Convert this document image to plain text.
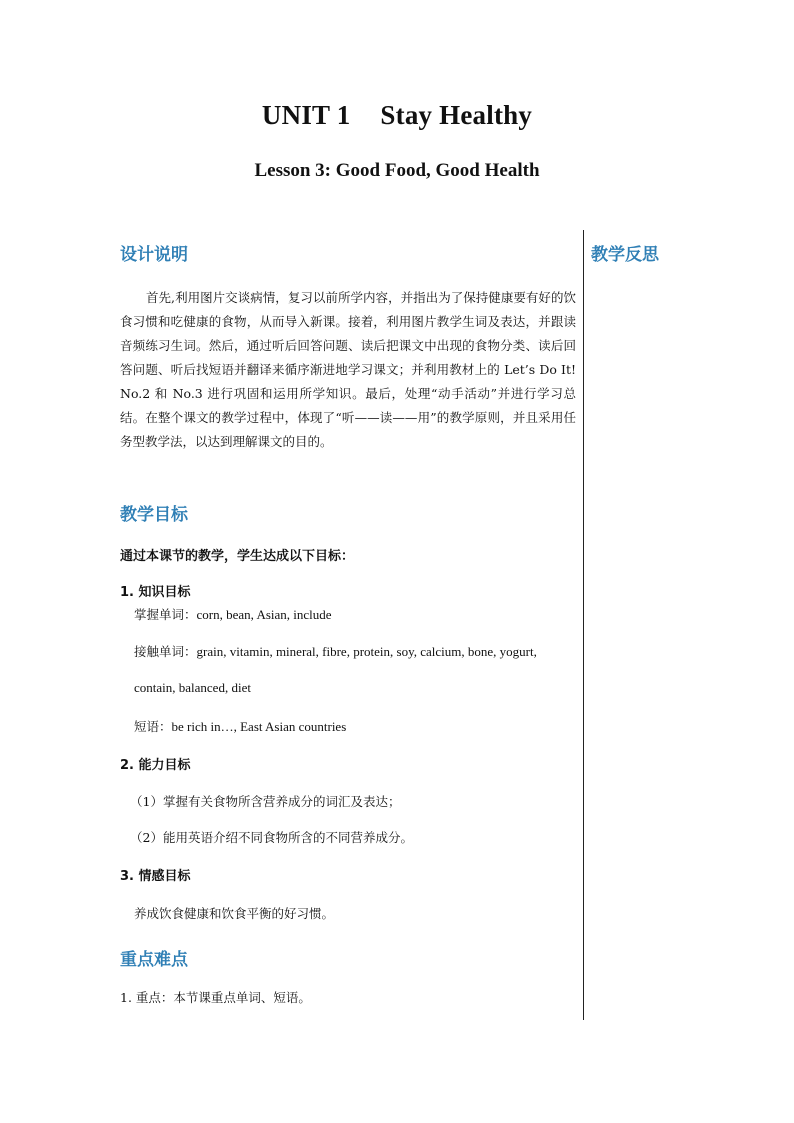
UNIT 1 Stay Healthy
Lesson 3: Good Food, Good Health
教学反思
设计说明
首先,利用图片交谈病情，复习以前所学内容，并指出为了保持健康要有好的饮食习惯和吃健康的食物，从而导入新课。接着，利用图片教学生词及表达，并跟读音频练习生词。然后，通过听后回答问题、读后把课文中出现的食物分类、读后回答问题、听后找短语并翻译来循序渐进地学习课文；并利用教材上的 Let’s Do It! No.2 和 No.3 进行巩固和运用所学知识。最后，处理“动手活动”并进行学习总结。在整个课文的教学过程中，体现了“听——读——用”的教学原则，并且采用任务型教学法，以达到理解课文的目的。
教学目标
通过本课节的教学，学生达成以下目标：
1. 知识目标
掌握单词：corn, bean, Asian, include
接触单词：grain, vitamin, mineral, fibre, protein, soy, calcium, bone, yogurt,
contain, balanced, diet
短语：be rich in…, East Asian countries
2. 能力目标
（1）掌握有关食物所含营养成分的词汇及表达；
（2）能用英语介绍不同食物所含的不同营养成分。
3. 情感目标
养成饮食健康和饮食平衡的好习惯。
重点难点
1. 重点：本节课重点单词、短语。
